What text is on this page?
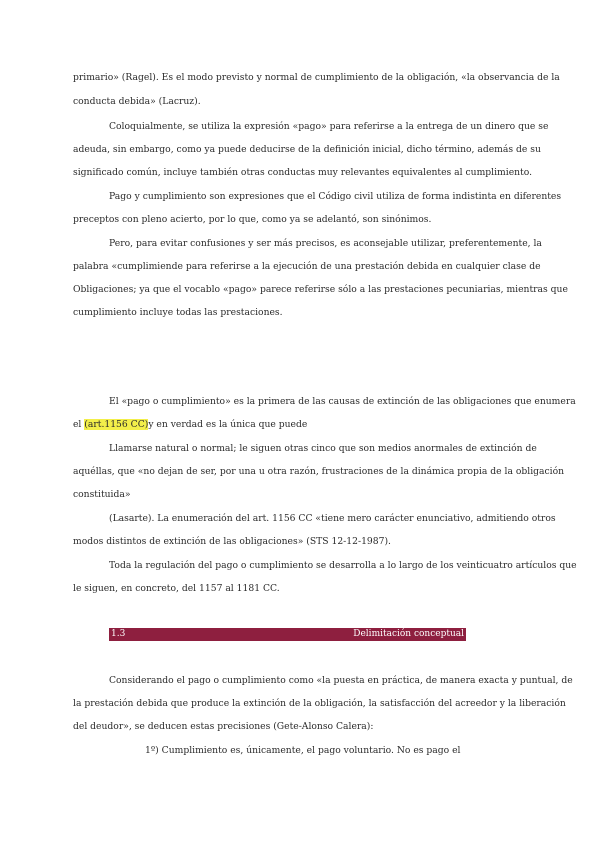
primario» (Ragel). Es el modo previsto y normal de cumplimiento de la obligación, «la observancia de la
conducta debida» (Lacruz).
Coloquialmente, se utiliza la expresión «pago» para referirse a la entrega de un dinero que se
adeuda, sin embargo, como ya puede deducirse de la definición inicial, dicho término, además de su
significado común, incluye también otras conductas muy relevantes equivalentes al cumplimiento.
Pago y cumplimiento son expresiones que el Código civil utiliza de forma indistinta en diferentes
preceptos con pleno acierto, por lo que, como ya se adelantó, son sinónimos.
Pero, para evitar confusiones y ser más precisos, es aconsejable utilizar, preferentemente, la
palabra «cumplimiende para referirse a la ejecución de una prestación debida en cualquier clase de
Obligaciones; ya que el vocablo «pago» parece referirse sólo a las prestaciones pecuniarias, mientras que
cumplimiento incluye todas las prestaciones.
El «pago o cumplimiento» es la primera de las causas de extinción de las obligaciones que enumera
el (art.1156 CC)y en verdad es la única que puede
Llamarse natural o normal; le siguen otras cinco que son medios anormales de extinción de
aquéllas, que «no dejan de ser, por una u otra razón, frustraciones de la dinámica propia de la obligación
constituida»
(Lasarte). La enumeración del art. 1156 CC «tiene mero carácter enunciativo, admitiendo otros
modos distintos de extinción de las obligaciones» (STS 12-12-1987).
Toda la regulación del pago o cumplimiento se desarrolla a lo largo de los veinticuatro artículos que
le siguen, en concreto, del 1157 al 1181 CC.
1.3	Delimitación conceptual
Considerando el pago o cumplimiento como «la puesta en práctica, de manera exacta y puntual, de
la prestación debida que produce la extinción de la obligación, la satisfacción del acreedor y la liberación
del deudor», se deducen estas precisiones (Gete-Alonso Calera):
1º) Cumplimiento es, únicamente, el pago voluntario. No es pago el
